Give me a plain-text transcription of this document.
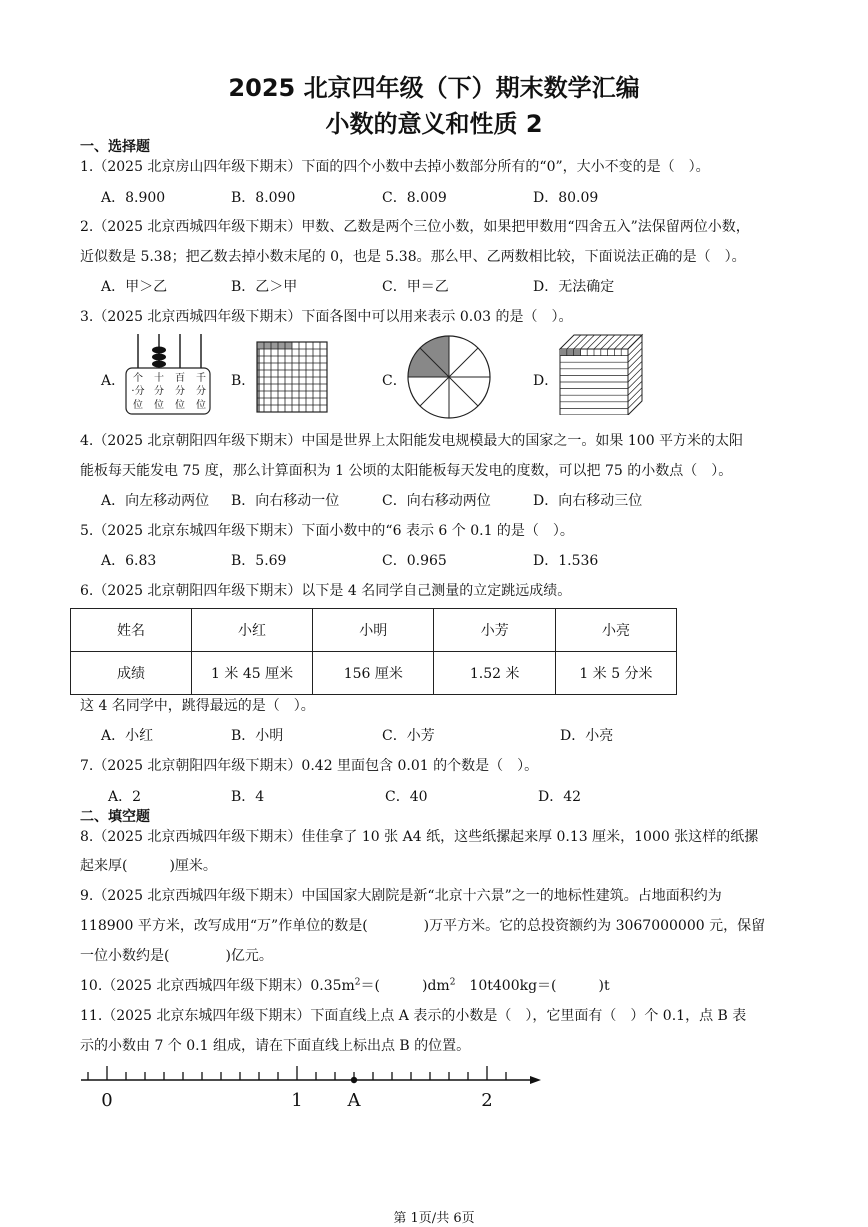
2025 北京四年级（下）期末数学汇编
小数的意义和性质 2
一、选择题
1.（2025 北京房山四年级下期末）下面的四个小数中去掉小数部分所有的“0”，大小不变的是（　）。
A．8.900	B．8.090	C．8.009	D．80.09
2.（2025 北京西城四年级下期末）甲数、乙数是两个三位小数，如果把甲数用“四舍五入”法保留两位小数，
近似数是 5.38；把乙数去掉小数末尾的 0，也是 5.38。那么甲、乙两数相比较，下面说法正确的是（　）。
A．甲＞乙	B．乙＞甲	C．甲＝乙	D．无法确定
3.（2025 北京西城四年级下期末）下面各图中可以用来表示 0.03 的是（　）。
A．	B．	C．	D．
个 十 百 千
·分 分 分 分
位 位 位 位
4.（2025 北京朝阳四年级下期末）中国是世界上太阳能发电规模最大的国家之一。如果 100 平方米的太阳
能板每天能发电 75 度，那么计算面积为 1 公顷的太阳能板每天发电的度数，可以把 75 的小数点（　）。
A．向左移动两位 B．向右移动一位	C．向右移动两位	D．向右移动三位
5.（2025 北京东城四年级下期末）下面小数中的“6 表示 6 个 0.1 的是（　）。
A．6.83	B．5.69	C．0.965	D．1.536
6.（2025 北京朝阳四年级下期末）以下是 4 名同学自己测量的立定跳远成绩。
姓名	小红	小明	小芳	小亮
成绩	1 米 45 厘米	156 厘米	1.52 米	1 米 5 分米
这 4 名同学中，跳得最远的是（　）。
A．小红	B．小明	C．小芳	D．小亮
7.（2025 北京朝阳四年级下期末）0.42 里面包含 0.01 的个数是（　）。
A．2	B．4	C．40	D．42
二、填空题
8.（2025 北京西城四年级下期末）佳佳拿了 10 张 A4 纸，这些纸摞起来厚 0.13 厘米，1000 张这样的纸摞
起来厚(　　　)厘米。
9.（2025 北京西城四年级下期末）中国国家大剧院是新“北京十六景”之一的地标性建筑。占地面积约为
118900 平方米，改写成用“万”作单位的数是(　　　　)万平方米。它的总投资额约为 3067000000 元，保留
一位小数约是(　　　　)亿元。
10.（2025 北京西城四年级下期末）$0.35m^2=$(　　　)$dm^2$　10t400kg＝(　　　)t
11.（2025 北京东城四年级下期末）下面直线上点 A 表示的小数是（　），它里面有（　）个 0.1，点 B 表
示的小数由 7 个 0.1 组成，请在下面直线上标出点 B 的位置。
0	1 A	2
第 1页/共 6页
